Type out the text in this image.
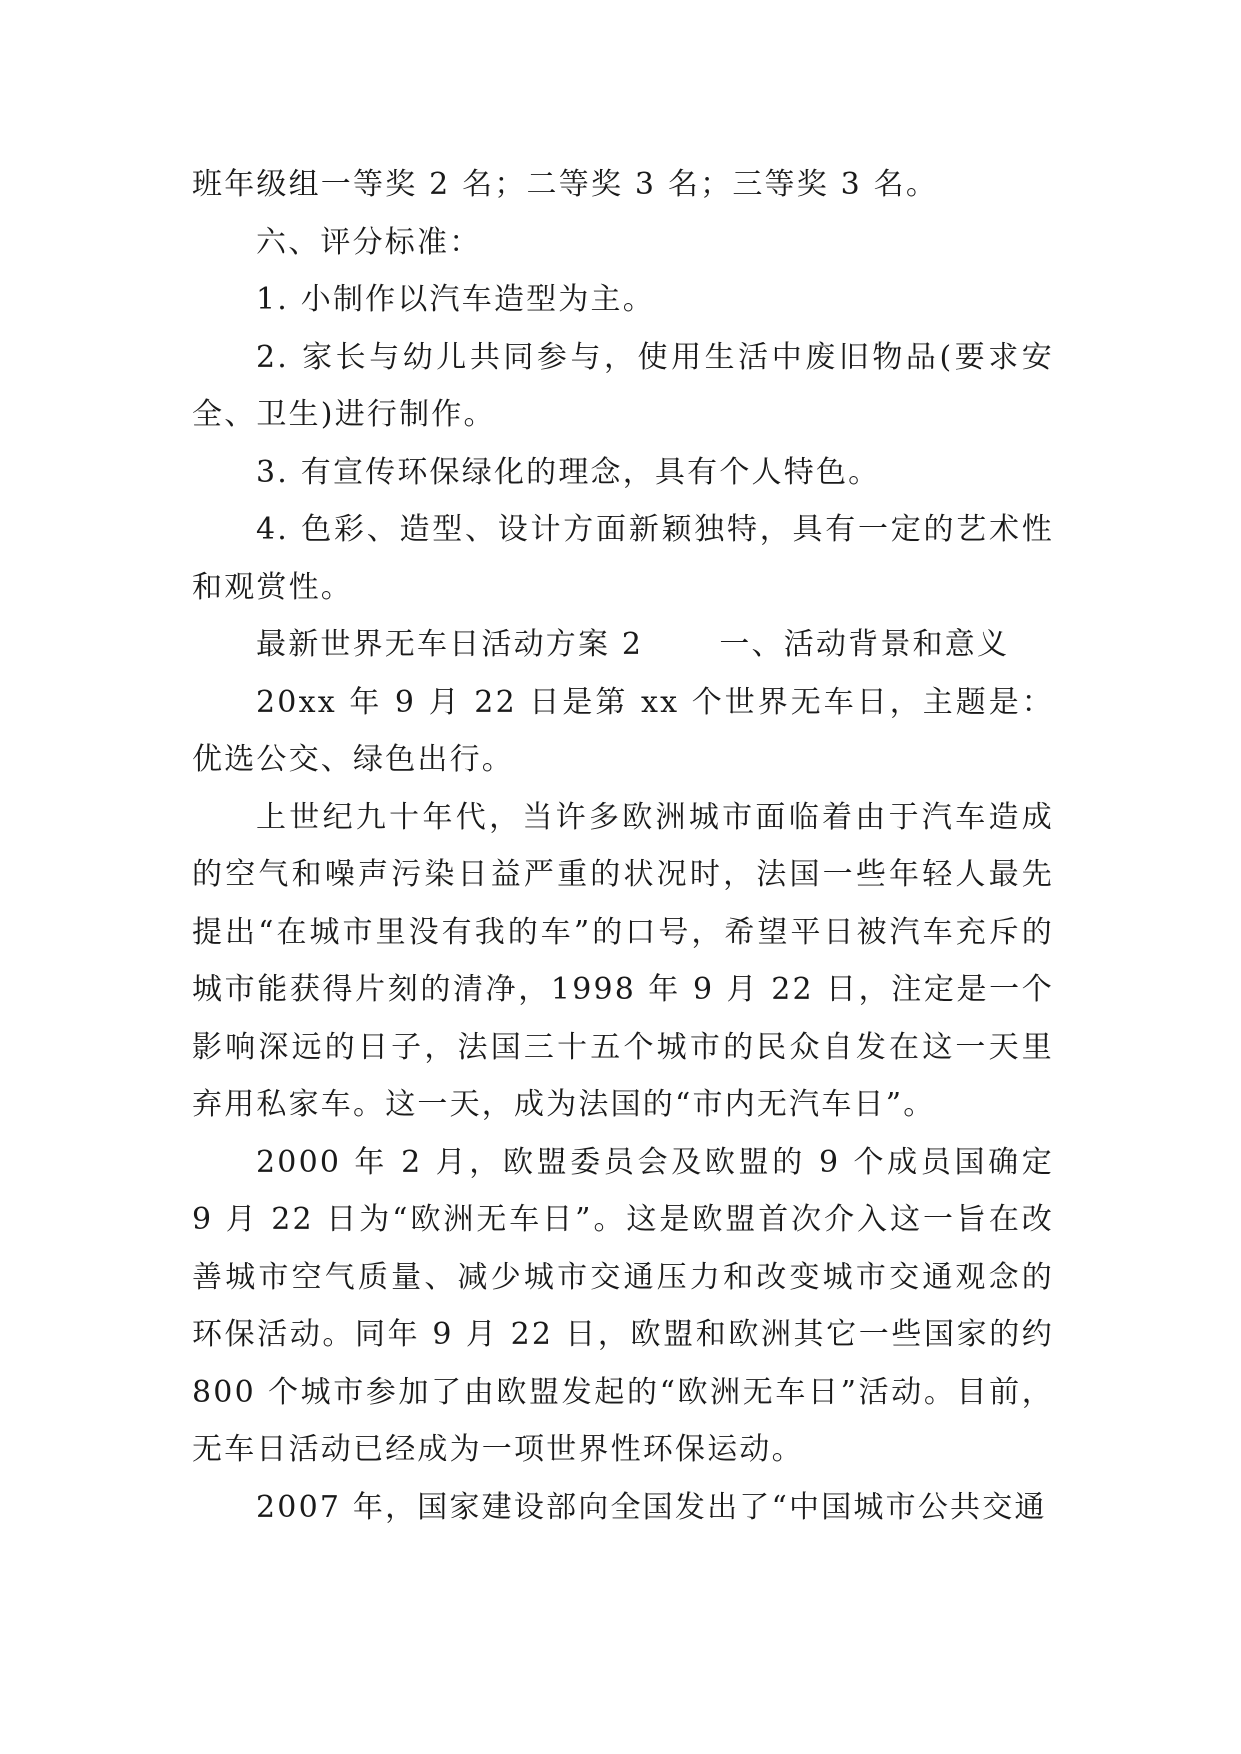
班年级组一等奖 2 名；二等奖 3 名；三等奖 3 名。

六、评分标准：

1. 小制作以汽车造型为主。

2. 家长与幼儿共同参与，使用生活中废旧物品(要求安全、卫生)进行制作。

3. 有宣传环保绿化的理念，具有个人特色。

4. 色彩、造型、设计方面新颖独特，具有一定的艺术性和观赏性。

最新世界无车日活动方案 2　　 一、活动背景和意义

20xx 年 9 月 22 日是第 xx 个世界无车日，主题是：优选公交、绿色出行。

上世纪九十年代，当许多欧洲城市面临着由于汽车造成的空气和噪声污染日益严重的状况时，法国一些年轻人最先提出“在城市里没有我的车”的口号，希望平日被汽车充斥的城市能获得片刻的清净，1998 年 9 月 22 日，注定是一个影响深远的日子，法国三十五个城市的民众自发在这一天里弃用私家车。这一天，成为法国的“市内无汽车日”。

2000 年 2 月，欧盟委员会及欧盟的 9 个成员国确定 9 月 22 日为“欧洲无车日”。这是欧盟首次介入这一旨在改善城市空气质量、减少城市交通压力和改变城市交通观念的环保活动。同年 9 月 22 日，欧盟和欧洲其它一些国家的约 800 个城市参加了由欧盟发起的“欧洲无车日”活动。目前，无车日活动已经成为一项世界性环保运动。

2007 年，国家建设部向全国发出了“中国城市公共交通
